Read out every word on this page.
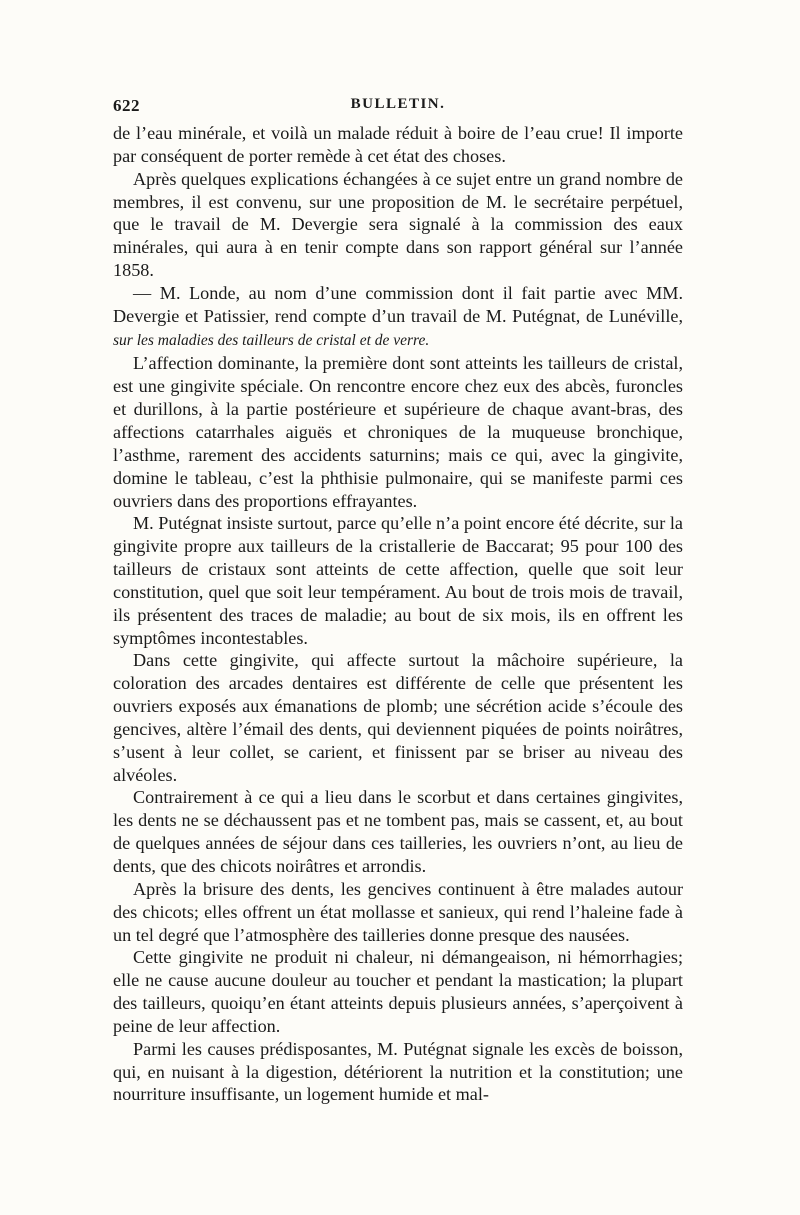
622	BULLETIN.

de l’eau minérale, et voilà un malade réduit à boire de l’eau crue! Il importe par conséquent de porter remède à cet état des choses.

Après quelques explications échangées à ce sujet entre un grand nombre de membres, il est convenu, sur une proposition de M. le secrétaire perpétuel, que le travail de M. Devergie sera signalé à la commission des eaux minérales, qui aura à en tenir compte dans son rapport général sur l’année 1858.

— M. Londe, au nom d’une commission dont il fait partie avec MM. Devergie et Patissier, rend compte d’un travail de M. Putégnat, de Lunéville, sur les maladies des tailleurs de cristal et de verre.

L’affection dominante, la première dont sont atteints les tailleurs de cristal, est une gingivite spéciale. On rencontre encore chez eux des abcès, furoncles et durillons, à la partie postérieure et supérieure de chaque avant-bras, des affections catarrhales aiguës et chroniques de la muqueuse bronchique, l’asthme, rarement des accidents saturnins; mais ce qui, avec la gingivite, domine le tableau, c’est la phthisie pulmonaire, qui se manifeste parmi ces ouvriers dans des proportions effrayantes.

M. Putégnat insiste surtout, parce qu’elle n’a point encore été décrite, sur la gingivite propre aux tailleurs de la cristallerie de Baccarat; 95 pour 100 des tailleurs de cristaux sont atteints de cette affection, quelle que soit leur constitution, quel que soit leur tempérament. Au bout de trois mois de travail, ils présentent des traces de maladie; au bout de six mois, ils en offrent les symptômes incontestables.

Dans cette gingivite, qui affecte surtout la mâchoire supérieure, la coloration des arcades dentaires est différente de celle que présentent les ouvriers exposés aux émanations de plomb; une sécrétion acide s’écoule des gencives, altère l’émail des dents, qui deviennent piquées de points noirâtres, s’usent à leur collet, se carient, et finissent par se briser au niveau des alvéoles.

Contrairement à ce qui a lieu dans le scorbut et dans certaines gingivites, les dents ne se déchaussent pas et ne tombent pas, mais se cassent, et, au bout de quelques années de séjour dans ces tailleries, les ouvriers n’ont, au lieu de dents, que des chicots noirâtres et arrondis.

Après la brisure des dents, les gencives continuent à être malades autour des chicots; elles offrent un état mollasse et sanieux, qui rend l’haleine fade à un tel degré que l’atmosphère des tailleries donne presque des nausées.

Cette gingivite ne produit ni chaleur, ni démangeaison, ni hémorrhagies; elle ne cause aucune douleur au toucher et pendant la mastication; la plupart des tailleurs, quoiqu’en étant atteints depuis plusieurs années, s’aperçoivent à peine de leur affection.

Parmi les causes prédisposantes, M. Putégnat signale les excès de boisson, qui, en nuisant à la digestion, détériorent la nutrition et la constitution; une nourriture insuffisante, un logement humide et mal-
